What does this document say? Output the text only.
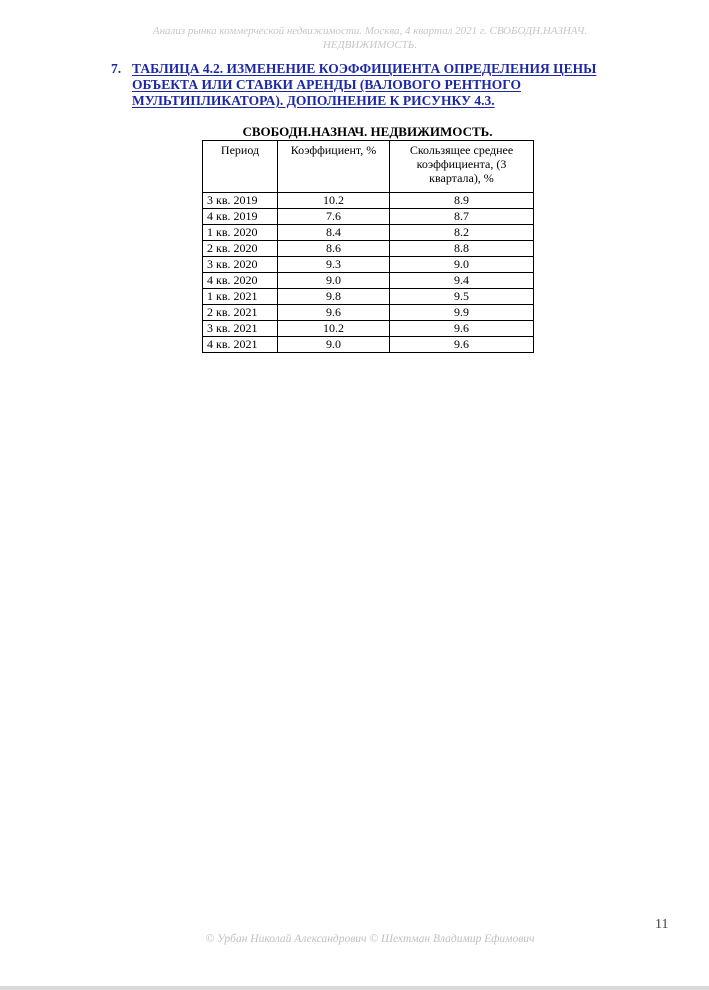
Анализ рынка коммерческой недвижимости. Москва, 4 квартал 2021 г. СВОБОДН.НАЗНАЧ.
НЕДВИЖИМОСТЬ.
7. ТАБЛИЦА 4.2. ИЗМЕНЕНИЕ КОЭФФИЦИЕНТА ОПРЕДЕЛЕНИЯ ЦЕНЫ ОБЪЕКТА ИЛИ СТАВКИ АРЕНДЫ (ВАЛОВОГО РЕНТНОГО МУЛЬТИПЛИКАТОРА). ДОПОЛНЕНИЕ К РИСУНКУ 4.3.
СВОБОДН.НАЗНАЧ. НЕДВИЖИМОСТЬ.
Период	Коэффициент, %	Скользящее среднее коэффициента, (3 квартала), %
3 кв. 2019	10.2	8.9
4 кв. 2019	7.6	8.7
1 кв. 2020	8.4	8.2
2 кв. 2020	8.6	8.8
3 кв. 2020	9.3	9.0
4 кв. 2020	9.0	9.4
1 кв. 2021	9.8	9.5
2 кв. 2021	9.6	9.9
3 кв. 2021	10.2	9.6
4 кв. 2021	9.0	9.6
11
© Урбан Николай Александрович © Шехтман Владимир Ефимович
